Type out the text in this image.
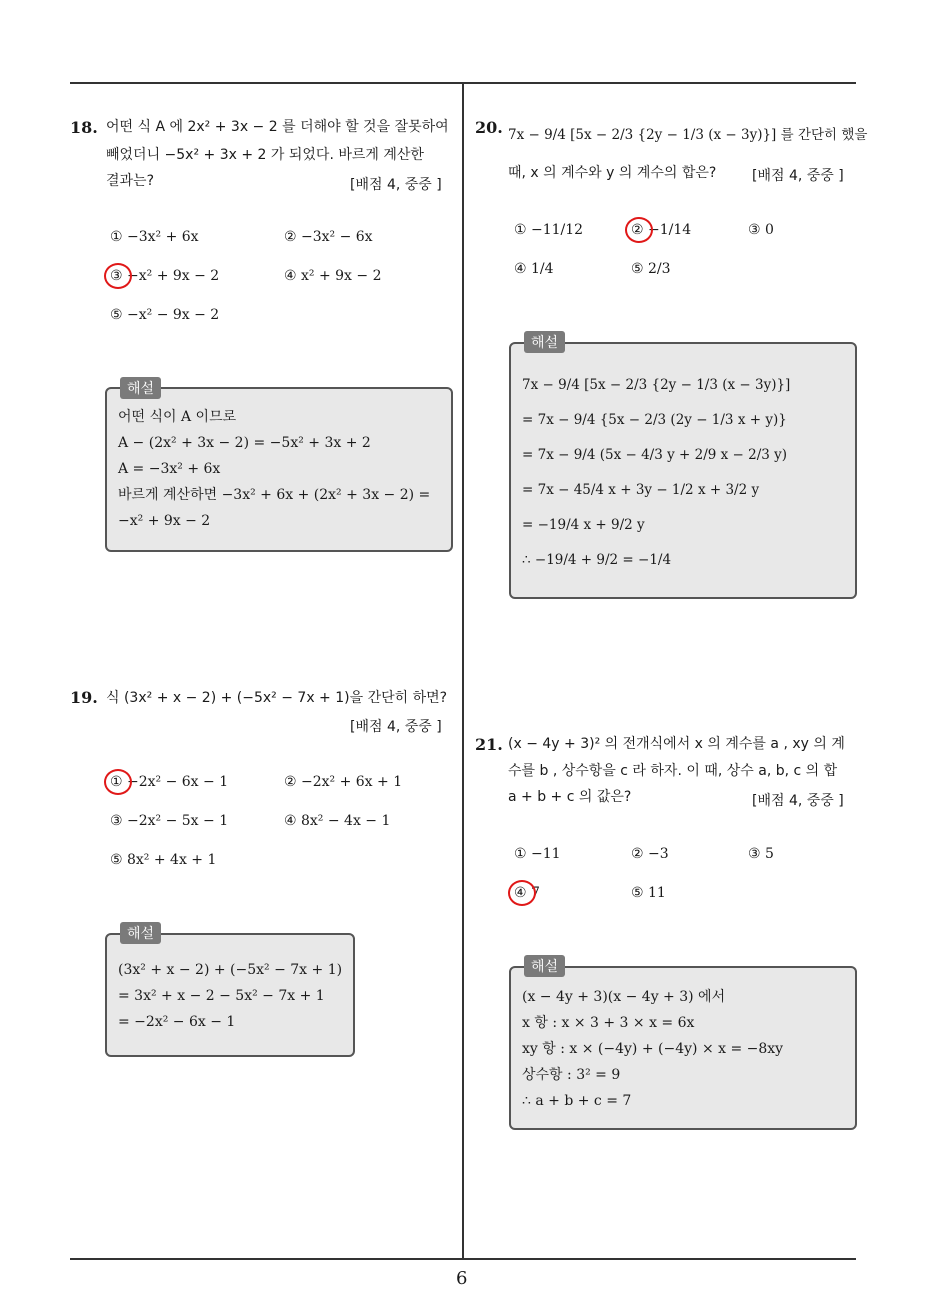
6
18. 어떤 식 A 에 2x² + 3x − 2 를 더해야 할 것을 잘못하여
빼었더니 −5x² + 3x + 2 가 되었다. 바르게 계산한
결과는?	[배점 4, 중중 ]
① −3x² + 6x	② −3x² − 6x
③ −x² + 9x − 2	④ x² + 9x − 2
⑤ −x² − 9x − 2
해설
어떤 식이 A 이므로
A − (2x² + 3x − 2) = −5x² + 3x + 2
A = −3x² + 6x
바르게 계산하면 −3x² + 6x + (2x² + 3x − 2) =
−x² + 9x − 2
19. 식 (3x² + x − 2) + (−5x² − 7x + 1)을 간단히 하면?
[배점 4, 중중 ]
① −2x² − 6x − 1	② −2x² + 6x + 1
③ −2x² − 5x − 1	④ 8x² − 4x − 1
⑤ 8x² + 4x + 1
해설
(3x² + x − 2) + (−5x² − 7x + 1)
= 3x² + x − 2 − 5x² − 7x + 1
= −2x² − 6x − 1
20. 7x − 9/4 [5x − 2/3 {2y − 1/3 (x − 3y)}] 를 간단히 했을
때, x 의 계수와 y 의 계수의 합은?	[배점 4, 중중 ]
① −11/12	② −1/14	③ 0
④ 1/4	⑤ 2/3
해설
7x − 9/4 [5x − 2/3 {2y − 1/3 (x − 3y)}]
= 7x − 9/4 {5x − 2/3 (2y − 1/3 x + y)}
= 7x − 9/4 (5x − 4/3 y + 2/9 x − 2/3 y)
= 7x − 45/4 x + 3y − 1/2 x + 3/2 y
= −19/4 x + 9/2 y
∴ −19/4 + 9/2 = −1/4
21. (x − 4y + 3)² 의 전개식에서 x 의 계수를 a , xy 의 계
수를 b , 상수항을 c 라 하자. 이 때, 상수 a, b, c 의 합
a + b + c 의 값은?	[배점 4, 중중 ]
① −11	② −3	③ 5
④ 7	⑤ 11
해설
(x − 4y + 3)(x − 4y + 3) 에서
x 항 : x × 3 + 3 × x = 6x
xy 항 : x × (−4y) + (−4y) × x = −8xy
상수항 : 3² = 9
∴ a + b + c = 7
